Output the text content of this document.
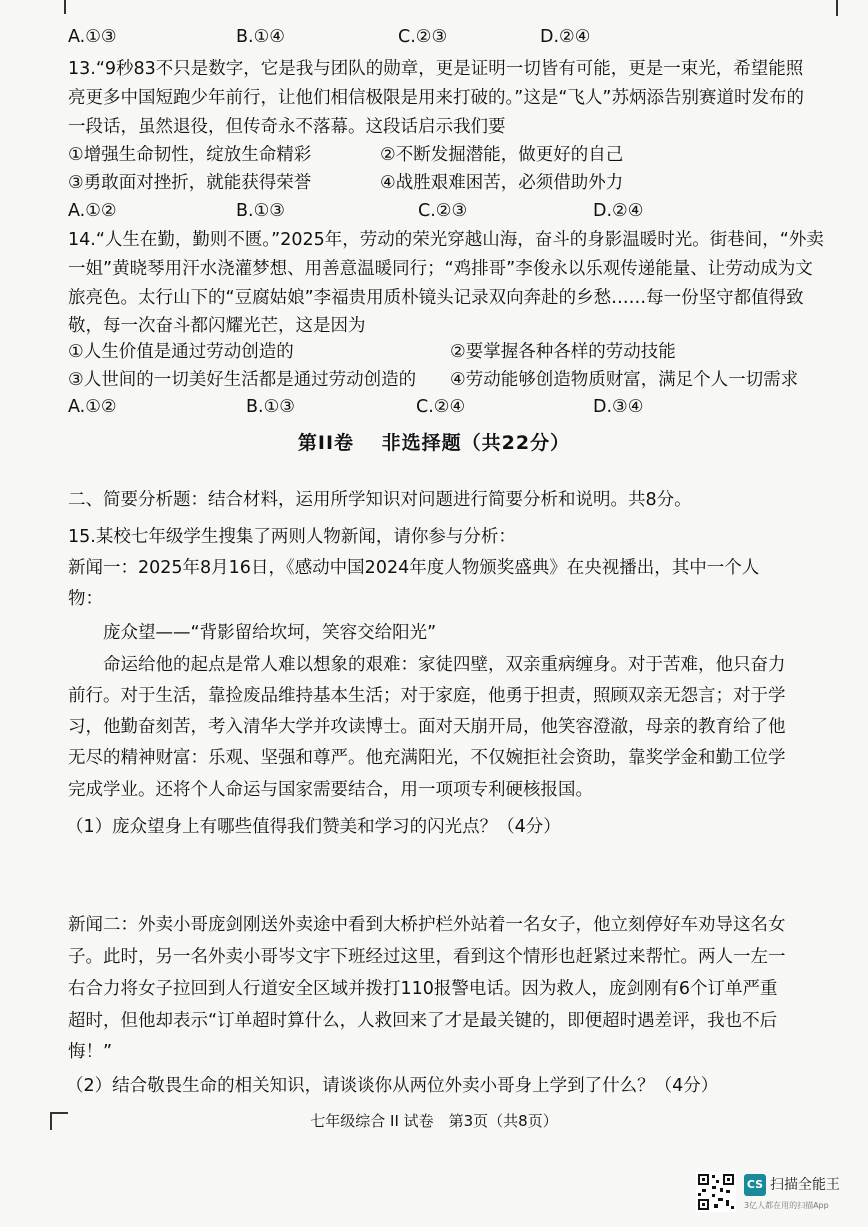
A.①③	B.①④	C.②③	D.②④
13.“9秒83不只是数字，它是我与团队的勋章，更是证明一切皆有可能，更是一束光，希望能照
亮更多中国短跑少年前行，让他们相信极限是用来打破的。”这是“飞人”苏炳添告别赛道时发布的
一段话，虽然退役，但传奇永不落幕。这段话启示我们要
①增强生命韧性，绽放生命精彩	②不断发掘潜能，做更好的自己
③勇敢面对挫折，就能获得荣誉	④战胜艰难困苦，必须借助外力
A.①②	B.①③	C.②③	D.②④
14.“人生在勤，勤则不匮。”2025年，劳动的荣光穿越山海，奋斗的身影温暖时光。街巷间，“外卖
一姐”黄晓琴用汗水浇灌梦想、用善意温暖同行；“鸡排哥”李俊永以乐观传递能量、让劳动成为文
旅亮色。太行山下的“豆腐姑娘”李福贵用质朴镜头记录双向奔赴的乡愁……每一份坚守都值得致
敬，每一次奋斗都闪耀光芒，这是因为
①人生价值是通过劳动创造的	②要掌握各种各样的劳动技能
③人世间的一切美好生活都是通过劳动创造的 ④劳动能够创造物质财富，满足个人一切需求
A.①②	B.①③	C.②④	D.③④
第II卷　 非选择题（共22分）
二、简要分析题：结合材料，运用所学知识对问题进行简要分析和说明。共8分。
15.某校七年级学生搜集了两则人物新闻，请你参与分析：
新闻一：2025年8月16日，《感动中国2024年度人物颁奖盛典》在央视播出，其中一个人
物：
庞众望——“背影留给坎坷，笑容交给阳光”
命运给他的起点是常人难以想象的艰难：家徒四壁，双亲重病缠身。对于苦难，他只奋力
前行。对于生活，靠捡废品维持基本生活；对于家庭，他勇于担责，照顾双亲无怨言；对于学
习，他勤奋刻苦，考入清华大学并攻读博士。面对天崩开局，他笑容澄澈，母亲的教育给了他
无尽的精神财富：乐观、坚强和尊严。他充满阳光，不仅婉拒社会资助，靠奖学金和勤工位学
完成学业。还将个人命运与国家需要结合，用一项项专利硬核报国。
（1）庞众望身上有哪些值得我们赞美和学习的闪光点？（4分）
新闻二：外卖小哥庞剑刚送外卖途中看到大桥护栏外站着一名女子，他立刻停好车劝导这名女
子。此时，另一名外卖小哥岑文宇下班经过这里，看到这个情形也赶紧过来帮忙。两人一左一
右合力将女子拉回到人行道安全区域并拨打110报警电话。因为救人，庞剑刚有6个订单严重
超时，但他却表示“订单超时算什么，人救回来了才是最关键的，即便超时遇差评，我也不后
悔！”
（2）结合敬畏生命的相关知识，请谈谈你从两位外卖小哥身上学到了什么？（4分）
七年级综合 II 试卷　第3页（共8页）
CS 扫描全能王
3亿人都在用的扫描App
